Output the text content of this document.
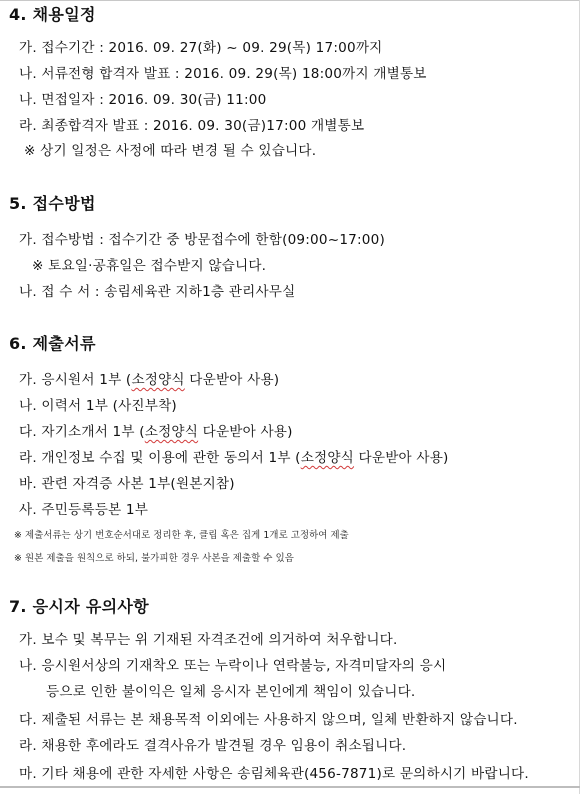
4. 채용일정
가. 접수기간 : 2016. 09. 27(화) ~ 09. 29(목) 17:00까지
나. 서류전형 합격자 발표 : 2016. 09. 29(목) 18:00까지 개별통보
나. 면접일자 : 2016. 09. 30(금) 11:00
라. 최종합격자 발표 : 2016. 09. 30(금)17:00 개별통보
※ 상기 일정은 사정에 따라 변경 될 수 있습니다.
5. 접수방법
가. 접수방법 : 접수기간 중 방문접수에 한함(09:00~17:00)
※ 토요일·공휴일은 접수받지 않습니다.
나. 접 수 서 : 송림세육관 지하1층 관리사무실
6. 제출서류
가. 응시원서 1부 (소정양식 다운받아 사용)
나. 이력서 1부 (사진부착)
다. 자기소개서 1부 (소정양식 다운받아 사용)
라. 개인정보 수집 및 이용에 관한 동의서 1부 (소정양식 다운받아 사용)
바. 관련 자격증 사본 1부(원본지참)
사. 주민등록등본 1부
※ 제출서류는 상기 번호순서대로 정리한 후, 클립 혹은 집게 1개로 고정하여 제출
※ 원본 제출을 원칙으로 하되, 불가피한 경우 사본을 제출할 수 있음
7. 응시자 유의사항
가. 보수 및 복무는 위 기재된 자격조건에 의거하여 처우합니다.
나. 응시원서상의 기재착오 또는 누락이나 연락불능, 자격미달자의 응시
등으로 인한 불이익은 일체 응시자 본인에게 책임이 있습니다.
다. 제출된 서류는 본 채용목적 이외에는 사용하지 않으며, 일체 반환하지 않습니다.
라. 채용한 후에라도 결격사유가 발견될 경우 임용이 취소됩니다.
마. 기타 채용에 관한 자세한 사항은 송림체육관(456-7871)로 문의하시기 바랍니다.
